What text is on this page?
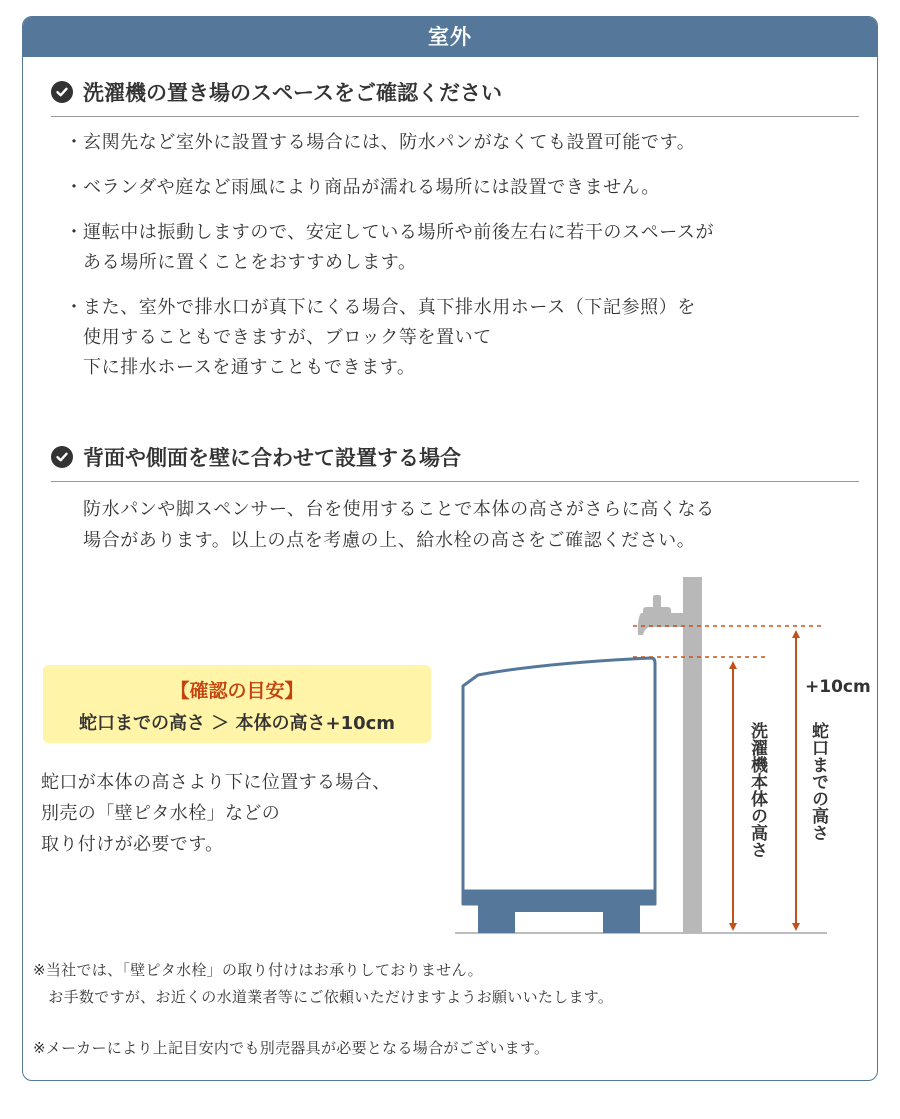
室外
洗濯機の置き場のスペースをご確認ください
・ 玄関先など室外に設置する場合には、防水パンがなくても設置可能です。
・ ベランダや庭など雨風により商品が濡れる場所には設置できません。
・ 運転中は振動しますので、安定している場所や前後左右に若干のスペースが
ある場所に置くことをおすすめします。
・ また、室外で排水口が真下にくる場合、真下排水用ホース（下記参照）を
使用することもできますが、ブロック等を置いて
下に排水ホースを通すこともできます。
背面や側面を壁に合わせて設置する場合
防水パンや脚スペンサー、台を使用することで本体の高さがさらに高くなる
場合があります。以上の点を考慮の上、給水栓の高さをご確認ください。
【確認の目安】
蛇口までの高さ ＞ 本体の高さ+10cm
蛇口が本体の高さより下に位置する場合、
別売の「壁ピタ水栓」などの
取り付けが必要です。
+10cm
洗濯機本体の高さ 蛇口までの高さ
※当社では、「壁ピタ水栓」の取り付けはお承りしておりません。
　お手数ですが、お近くの水道業者等にご依頼いただけますようお願いいたします。
※メーカーにより上記目安内でも別売器具が必要となる場合がございます。
